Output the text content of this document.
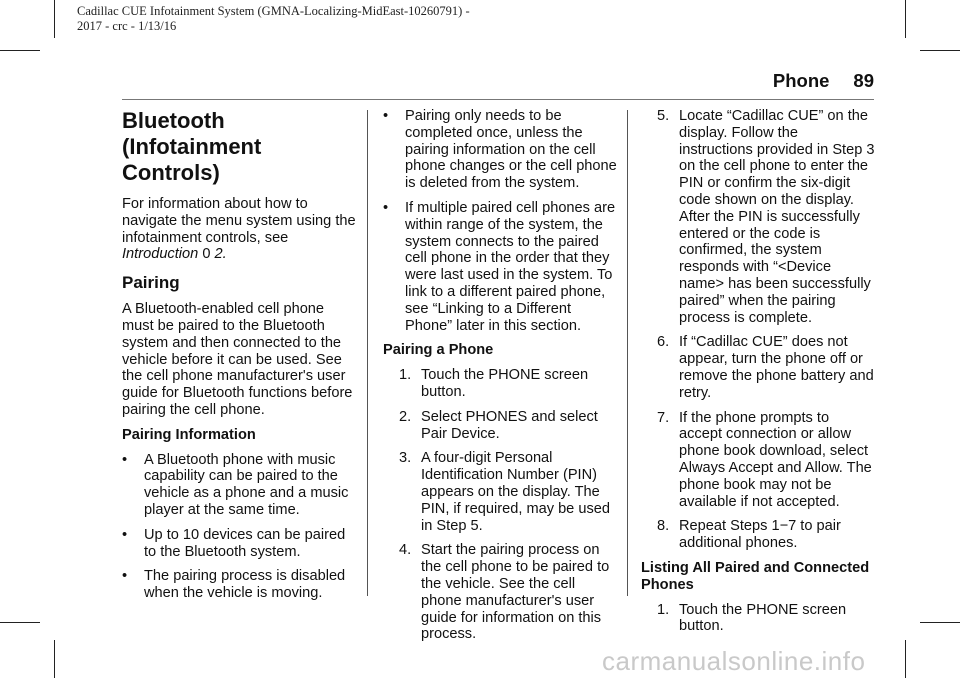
Cadillac CUE Infotainment System (GMNA-Localizing-MidEast-10260791) -
2017 - crc - 1/13/16
Phone 89
Bluetooth (Infotainment Controls)

For information about how to navigate the menu system using the infotainment controls, see Introduction 0 2.

Pairing

A Bluetooth-enabled cell phone must be paired to the Bluetooth system and then connected to the vehicle before it can be used. See the cell phone manufacturer's user guide for Bluetooth functions before pairing the cell phone.

Pairing Information
• A Bluetooth phone with music capability can be paired to the vehicle as a phone and a music player at the same time.
• Up to 10 devices can be paired to the Bluetooth system.
• The pairing process is disabled when the vehicle is moving.
• Pairing only needs to be completed once, unless the pairing information on the cell phone changes or the cell phone is deleted from the system.
• If multiple paired cell phones are within range of the system, the system connects to the paired cell phone in the order that they were last used in the system. To link to a different paired phone, see “Linking to a Different Phone” later in this section.
Pairing a Phone
1. Touch the PHONE screen button.
2. Select PHONES and select Pair Device.
3. A four-digit Personal Identification Number (PIN) appears on the display. The PIN, if required, may be used in Step 5.
4. Start the pairing process on the cell phone to be paired to the vehicle. See the cell phone manufacturer's user guide for information on this process.
5. Locate “Cadillac CUE” on the display. Follow the instructions provided in Step 3 on the cell phone to enter the PIN or confirm the six-digit code shown on the display. After the PIN is successfully entered or the code is confirmed, the system responds with “<Device name> has been successfully paired” when the pairing process is complete.
6. If “Cadillac CUE” does not appear, turn the phone off or remove the phone battery and retry.
7. If the phone prompts to accept connection or allow phone book download, select Always Accept and Allow. The phone book may not be available if not accepted.
8. Repeat Steps 1−7 to pair additional phones.
Listing All Paired and Connected Phones
1. Touch the PHONE screen button.
carmanualsonline.info
